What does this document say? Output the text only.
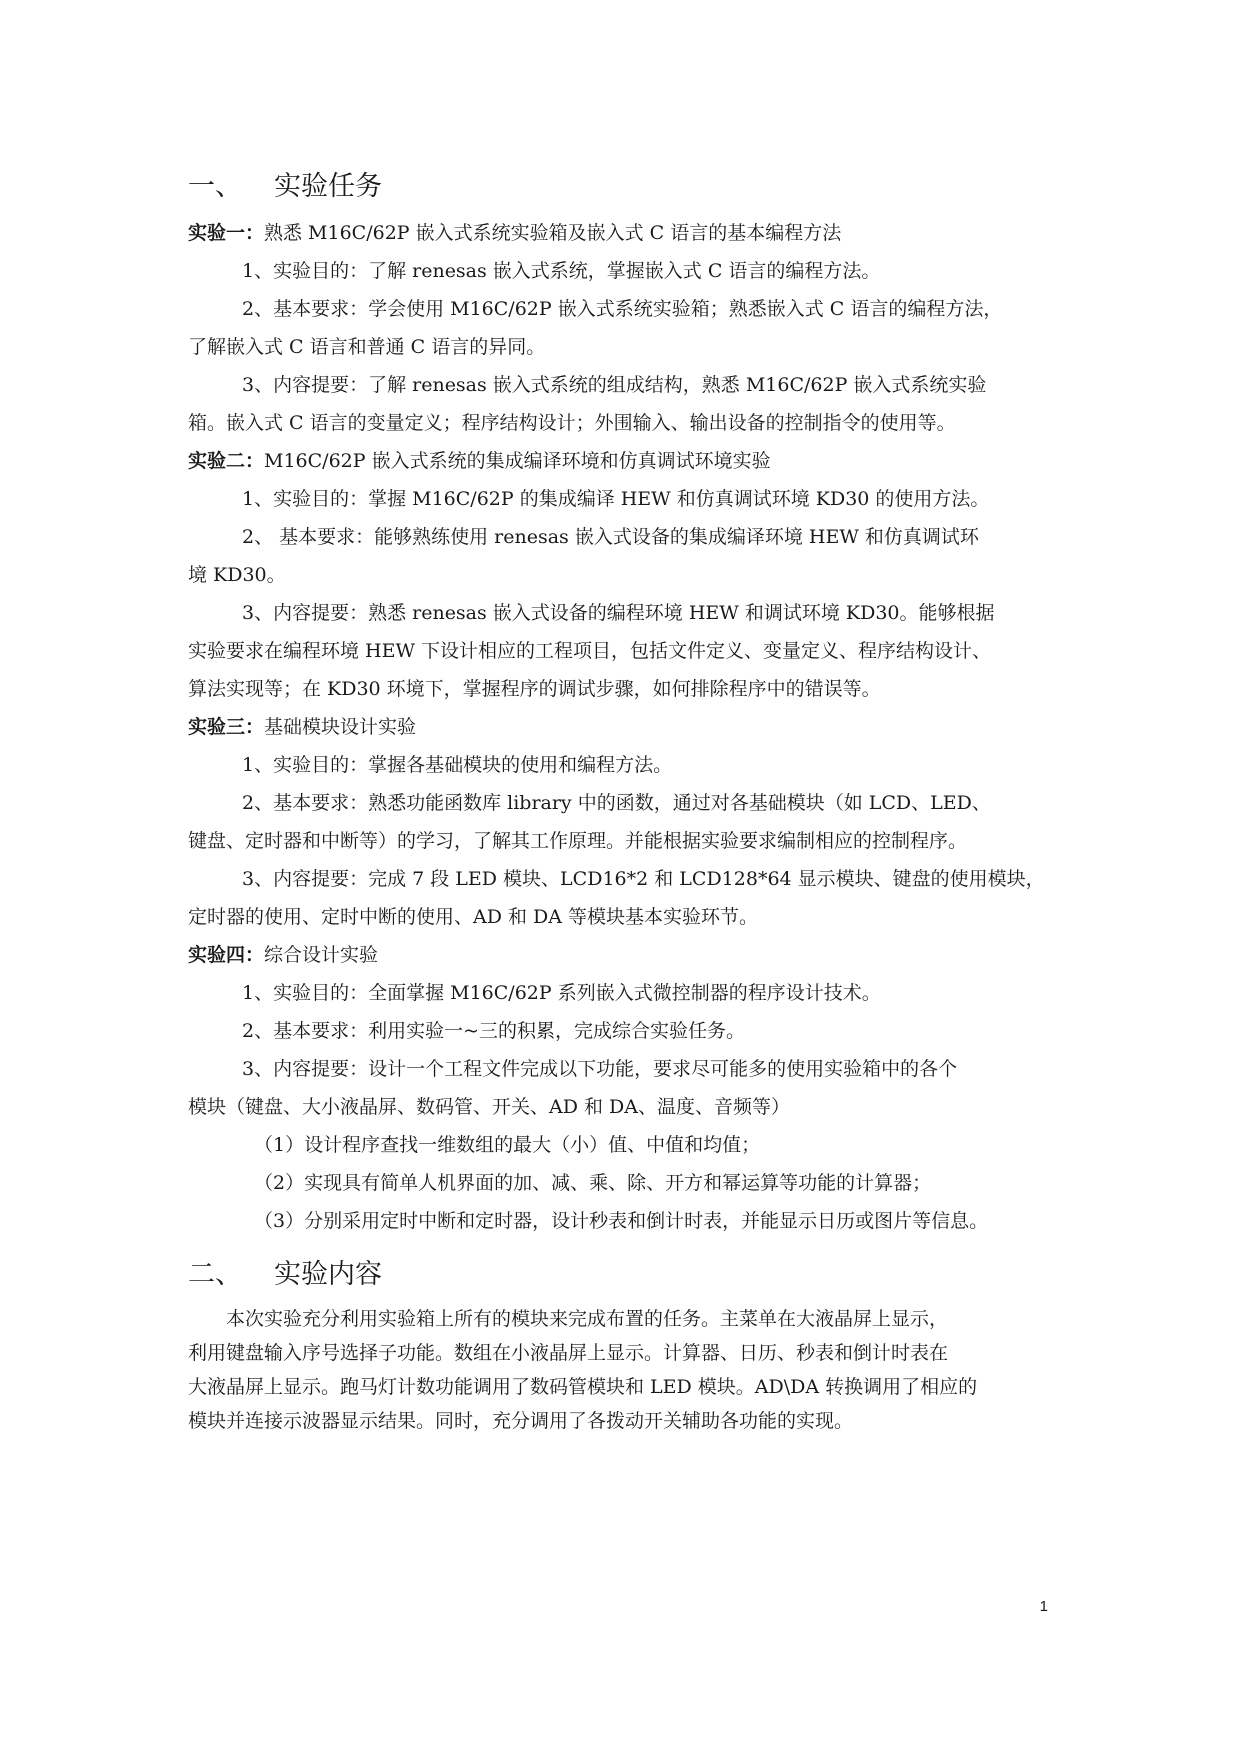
一、	实验任务
实验一：熟悉 M16C/62P 嵌入式系统实验箱及嵌入式 C 语言的基本编程方法
1、实验目的：了解 renesas 嵌入式系统，掌握嵌入式 C 语言的编程方法。
2、基本要求：学会使用 M16C/62P 嵌入式系统实验箱；熟悉嵌入式 C 语言的编程方法，
了解嵌入式 C 语言和普通 C 语言的异同。
3、内容提要：了解 renesas 嵌入式系统的组成结构，熟悉 M16C/62P 嵌入式系统实验
箱。嵌入式 C 语言的变量定义；程序结构设计；外围输入、输出设备的控制指令的使用等。
实验二：M16C/62P 嵌入式系统的集成编译环境和仿真调试环境实验
1、实验目的：掌握 M16C/62P 的集成编译 HEW 和仿真调试环境 KD30 的使用方法。
2、 基本要求：能够熟练使用 renesas 嵌入式设备的集成编译环境 HEW 和仿真调试环
境 KD30。
3、内容提要：熟悉 renesas 嵌入式设备的编程环境 HEW 和调试环境 KD30。能够根据
实验要求在编程环境 HEW 下设计相应的工程项目，包括文件定义、变量定义、程序结构设计、
算法实现等；在 KD30 环境下，掌握程序的调试步骤，如何排除程序中的错误等。
实验三：基础模块设计实验
1、实验目的：掌握各基础模块的使用和编程方法。
2、基本要求：熟悉功能函数库 library 中的函数，通过对各基础模块（如 LCD、LED、
键盘、定时器和中断等）的学习，了解其工作原理。并能根据实验要求编制相应的控制程序。
3、内容提要：完成 7 段 LED 模块、LCD16*2 和 LCD128*64 显示模块、键盘的使用模块，
定时器的使用、定时中断的使用、AD 和 DA 等模块基本实验环节。
实验四：综合设计实验
1、实验目的：全面掌握 M16C/62P 系列嵌入式微控制器的程序设计技术。
2、基本要求：利用实验一~三的积累，完成综合实验任务。
3、内容提要：设计一个工程文件完成以下功能，要求尽可能多的使用实验箱中的各个
模块（键盘、大小液晶屏、数码管、开关、AD 和 DA、温度、音频等）
（1）设计程序查找一维数组的最大（小）值、中值和均值；
（2）实现具有简单人机界面的加、减、乘、除、开方和幂运算等功能的计算器；
（3）分别采用定时中断和定时器，设计秒表和倒计时表，并能显示日历或图片等信息。
二、	实验内容
　　本次实验充分利用实验箱上所有的模块来完成布置的任务。主菜单在大液晶屏上显示，
利用键盘输入序号选择子功能。数组在小液晶屏上显示。计算器、日历、秒表和倒计时表在
大液晶屏上显示。跑马灯计数功能调用了数码管模块和 LED 模块。AD\DA 转换调用了相应的
模块并连接示波器显示结果。同时，充分调用了各拨动开关辅助各功能的实现。
1
